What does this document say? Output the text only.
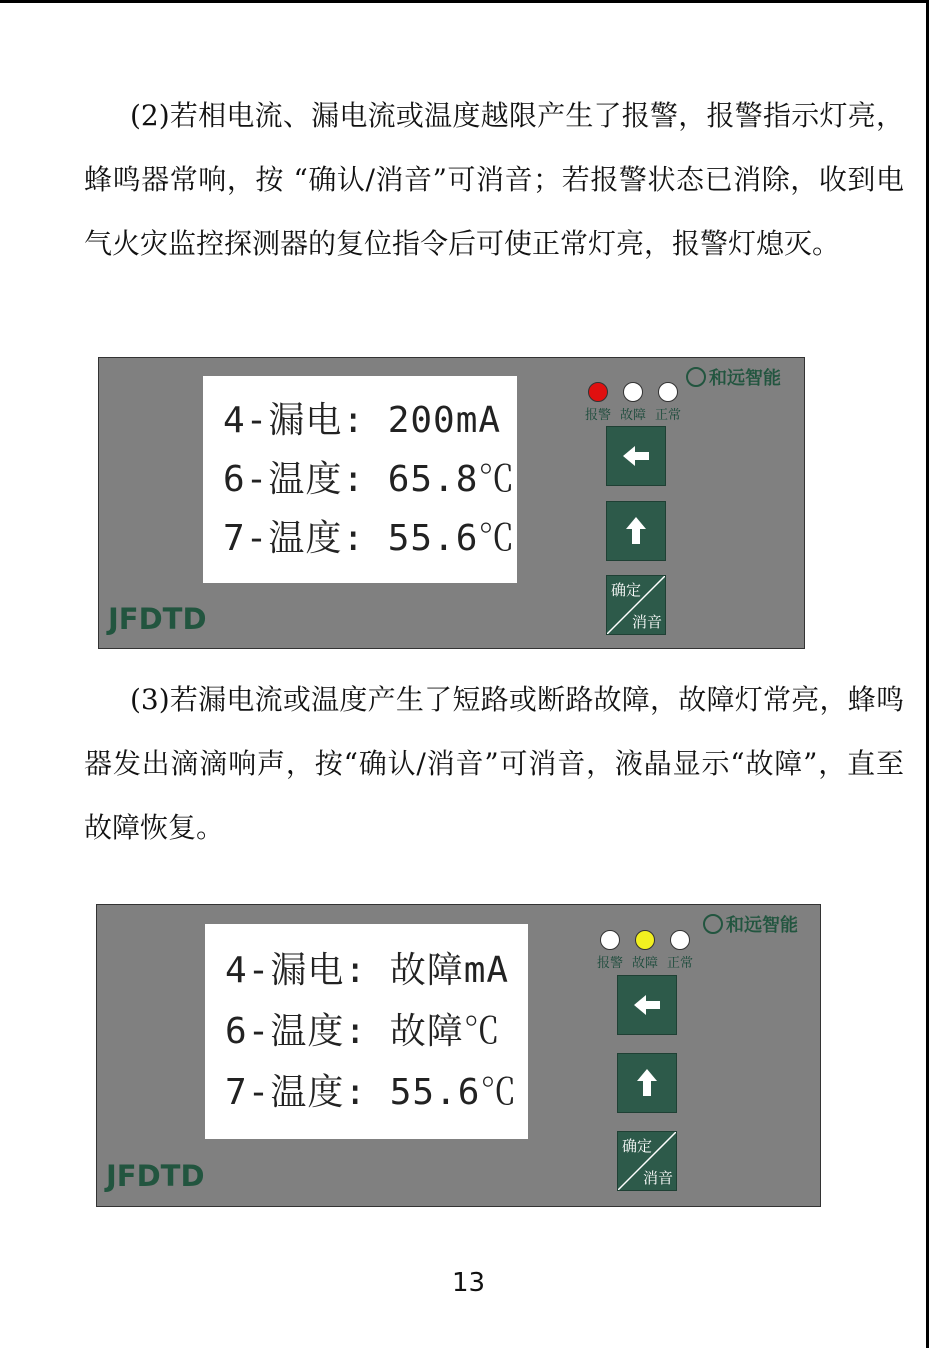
(2)若相电流、漏电流或温度越限产生了报警，报警指示灯亮，蜂鸣器常响，按 “确认/消音”可消音；若报警状态已消除，收到电气火灾监控探测器的复位指令后可使正常灯亮，报警灯熄灭。

4-漏电: 200mA
6-温度: 65.8℃
7-温度: 55.6℃
和远智能
报警 故障 正常
确定
消音
JFDTD

(3)若漏电流或温度产生了短路或断路故障，故障灯常亮，蜂鸣器发出滴滴响声，按“确认/消音”可消音，液晶显示“故障”，直至故障恢复。

4-漏电: 故障mA
6-温度: 故障℃
7-温度: 55.6℃
和远智能
报警 故障 正常
确定
消音
JFDTD
13
